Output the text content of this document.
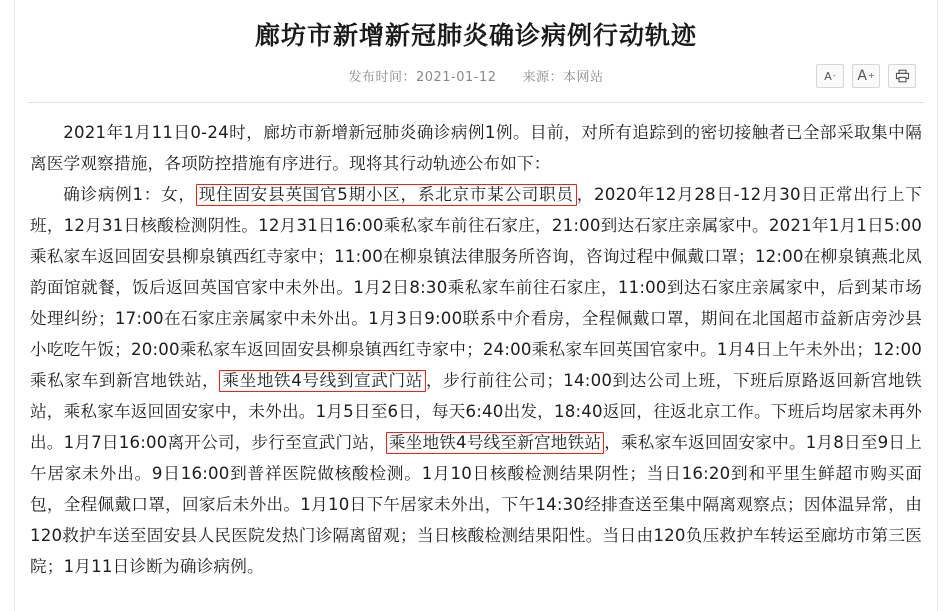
廊坊市新增新冠肺炎确诊病例行动轨迹
发布时间：2021-01-12 来源：本网站	A - A +

2021年1月11日0-24时，廊坊市新增新冠肺炎确诊病例1例。目前，对所有追踪到的密切接触者已全部采取集中隔离医学观察措施，各项防控措施有序进行。现将其行动轨迹公布如下：

确诊病例1：女， 现住固安县英国官5期小区，系北京市某公司职员 ，2020年12月28日-12月30日正常出行上下班，12月31日核酸检测阴性。12月31日16:00乘私家车前往石家庄，21:00到达石家庄亲属家中。2021年1月1日5:00乘私家车返回固安县柳泉镇西红寺家中；11:00在柳泉镇法律服务所咨询，咨询过程中佩戴口罩；12:00在柳泉镇燕北凤韵面馆就餐，饭后返回英国官家中未外出。1月2日8:30乘私家车前往石家庄，11:00到达石家庄亲属家中，后到某市场处理纠纷；17:00在石家庄亲属家中未外出。1月3日9:00联系中介看房，全程佩戴口罩，期间在北国超市益新店旁沙县小吃吃午饭；20:00乘私家车返回固安县柳泉镇西红寺家中；24:00乘私家车回英国官家中。1月4日上午未外出；12:00乘私家车到新宫地铁站， 乘坐地铁4号线到宣武门站 ，步行前往公司；14:00到达公司上班，下班后原路返回新宫地铁站，乘私家车返回固安家中，未外出。1月5日至6日，每天6:40出发，18:40返回，往返北京工作。下班后均居家未再外出。1月7日16:00离开公司，步行至宣武门站， 乘坐地铁4号线至新宫地铁站 ，乘私家车返回固安家中。1月8日至9日上午居家未外出。9日16:00到普祥医院做核酸检测。1月10日核酸检测结果阴性；当日16:20到和平里生鲜超市购买面包，全程佩戴口罩，回家后未外出。1月10日下午居家未外出，下午14:30经排查送至集中隔离观察点；因体温异常，由120救护车送至固安县人民医院发热门诊隔离留观；当日核酸检测结果阳性。当日由120负压救护车转运至廊坊市第三医院；1月11日诊断为确诊病例。
